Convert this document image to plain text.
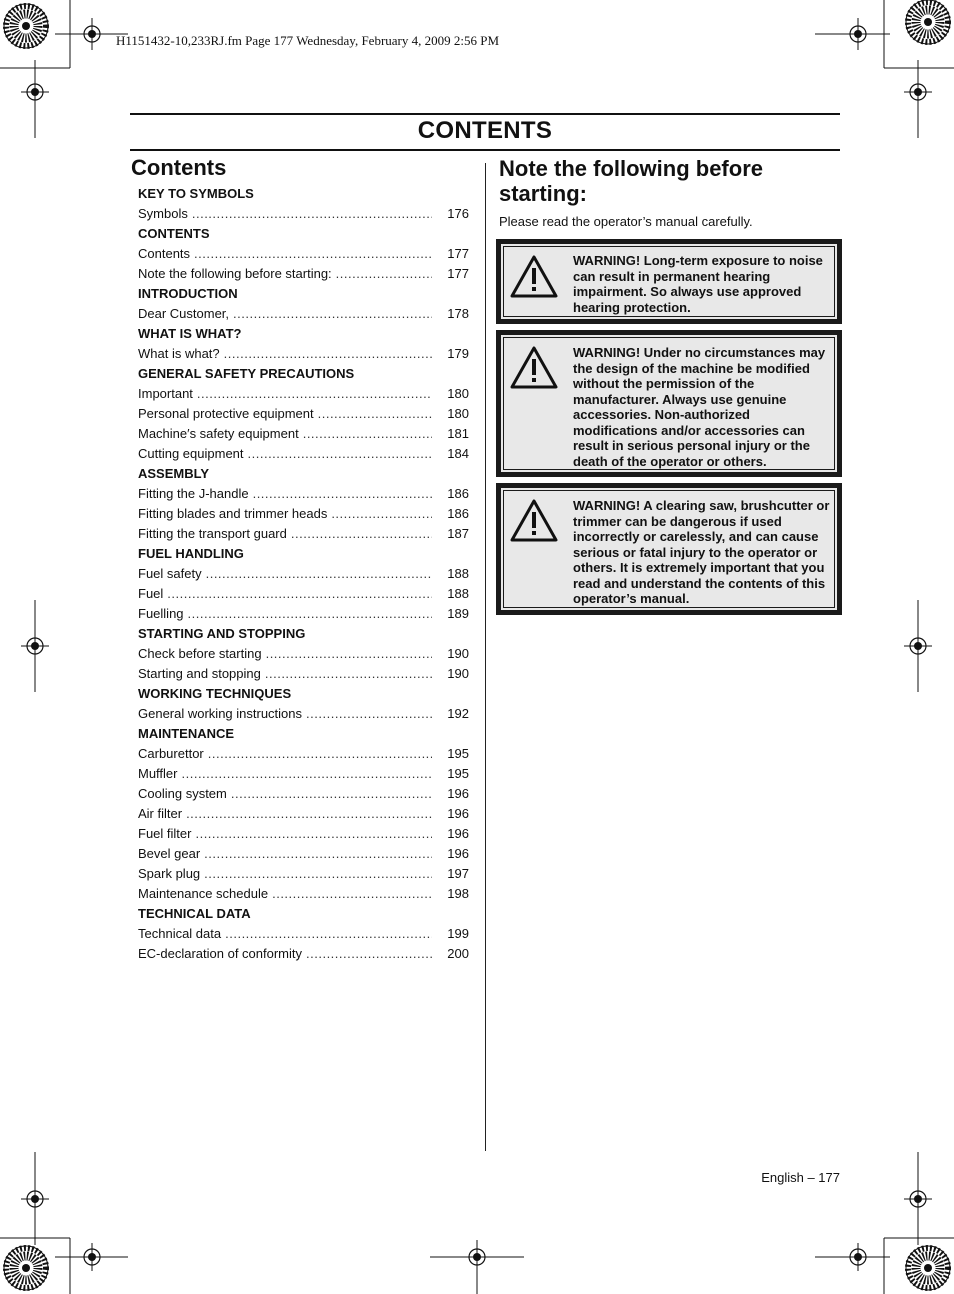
H1151432-10,233RJ.fm Page 177 Wednesday, February 4, 2009 2:56 PM
CONTENTS
Contents
KEY TO SYMBOLS
Symbols .....	176
CONTENTS
Contents .....	177
Note the following before starting: .....	177
INTRODUCTION
Dear Customer, .....	178
WHAT IS WHAT?
What is what? .....	179
GENERAL SAFETY PRECAUTIONS
Important .....	180
Personal protective equipment .....	180
Machine′s safety equipment .....	181
Cutting equipment .....	184
ASSEMBLY
Fitting the J-handle .....	186
Fitting blades and trimmer heads .....	186
Fitting the transport guard .....	187
FUEL HANDLING
Fuel safety .....	188
Fuel .....	188
Fuelling .....	189
STARTING AND STOPPING
Check before starting .....	190
Starting and stopping .....	190
WORKING TECHNIQUES
General working instructions .....	192
MAINTENANCE
Carburettor .....	195
Muffler .....	195
Cooling system .....	196
Air filter .....	196
Fuel filter .....	196
Bevel gear .....	196
Spark plug .....	197
Maintenance schedule .....	198
TECHNICAL DATA
Technical data .....	199
EC-declaration of conformity .....	200
Note the following before starting:
Please read the operator’s manual carefully.
WARNING! Long-term exposure to noise can result in permanent hearing impairment. So always use approved hearing protection.
WARNING! Under no circumstances may the design of the machine be modified without the permission of the manufacturer. Always use genuine accessories. Non-authorized modifications and/or accessories can result in serious personal injury or the death of the operator or others.
WARNING! A clearing saw, brushcutter or trimmer can be dangerous if used incorrectly or carelessly, and can cause serious or fatal injury to the operator or others. It is extremely important that you read and understand the contents of this operator’s manual.
English – 177
